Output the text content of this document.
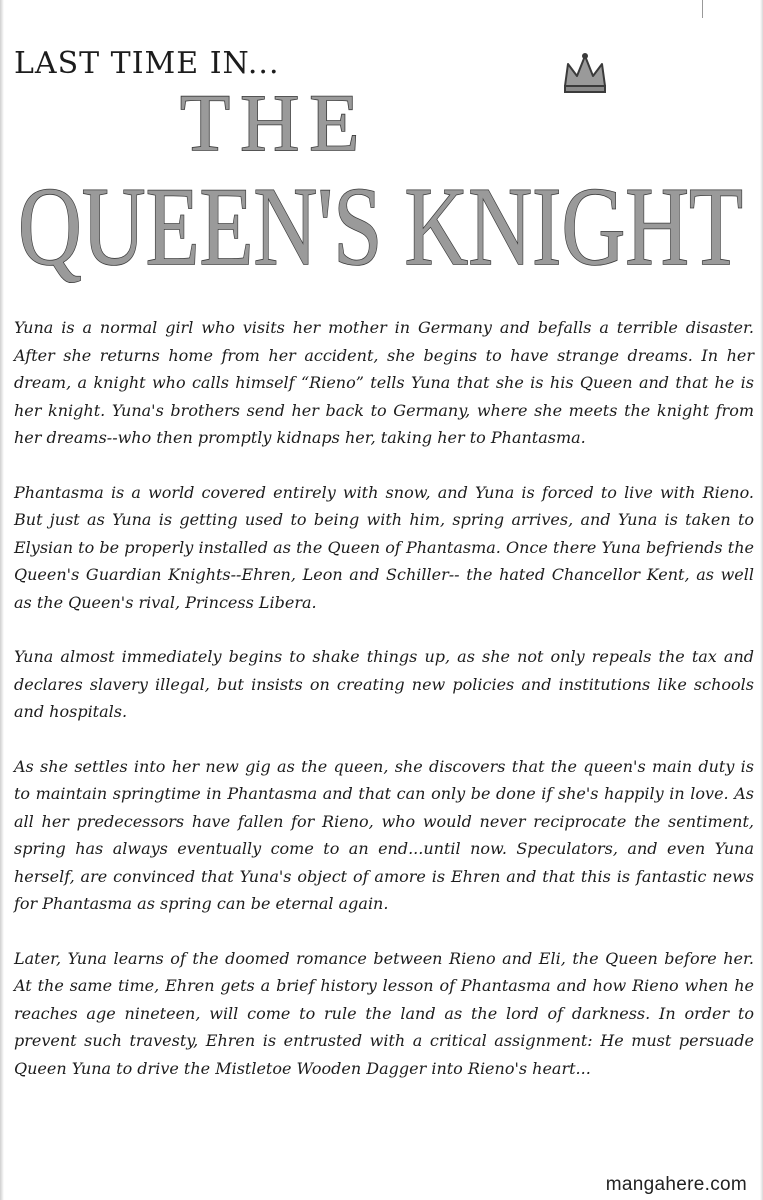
LAST TIME IN...
THE
QUEEN'S KNIGHT

Yuna is a normal girl who visits her mother in Germany and befalls a terrible disaster. After she returns home from her accident, she begins to have strange dreams. In her dream, a knight who calls himself “Rieno” tells Yuna that she is his Queen and that he is her knight. Yuna's brothers send her back to Germany, where she meets the knight from her dreams--who then promptly kidnaps her, taking her to Phantasma.

Phantasma is a world covered entirely with snow, and Yuna is forced to live with Rieno. But just as Yuna is getting used to being with him, spring arrives, and Yuna is taken to Elysian to be properly installed as the Queen of Phantasma. Once there Yuna befriends the Queen's Guardian Knights--Ehren, Leon and Schiller-- the hated Chancellor Kent, as well as the Queen's rival, Princess Libera.

Yuna almost immediately begins to shake things up, as she not only repeals the tax and declares slavery illegal, but insists on creating new policies and institutions like schools and hospitals.

As she settles into her new gig as the queen, she discovers that the queen's main duty is to maintain springtime in Phantasma and that can only be done if she's happily in love. As all her predecessors have fallen for Rieno, who would never reciprocate the sentiment, spring has always eventually come to an end...until now. Speculators, and even Yuna herself, are convinced that Yuna's object of amore is Ehren and that this is fantastic news for Phantasma as spring can be eternal again.

Later, Yuna learns of the doomed romance between Rieno and Eli, the Queen before her. At the same time, Ehren gets a brief history lesson of Phantasma and how Rieno when he reaches age nineteen, will come to rule the land as the lord of darkness. In order to prevent such travesty, Ehren is entrusted with a critical assignment: He must persuade Queen Yuna to drive the Mistletoe Wooden Dagger into Rieno's heart...

mangahere.com
